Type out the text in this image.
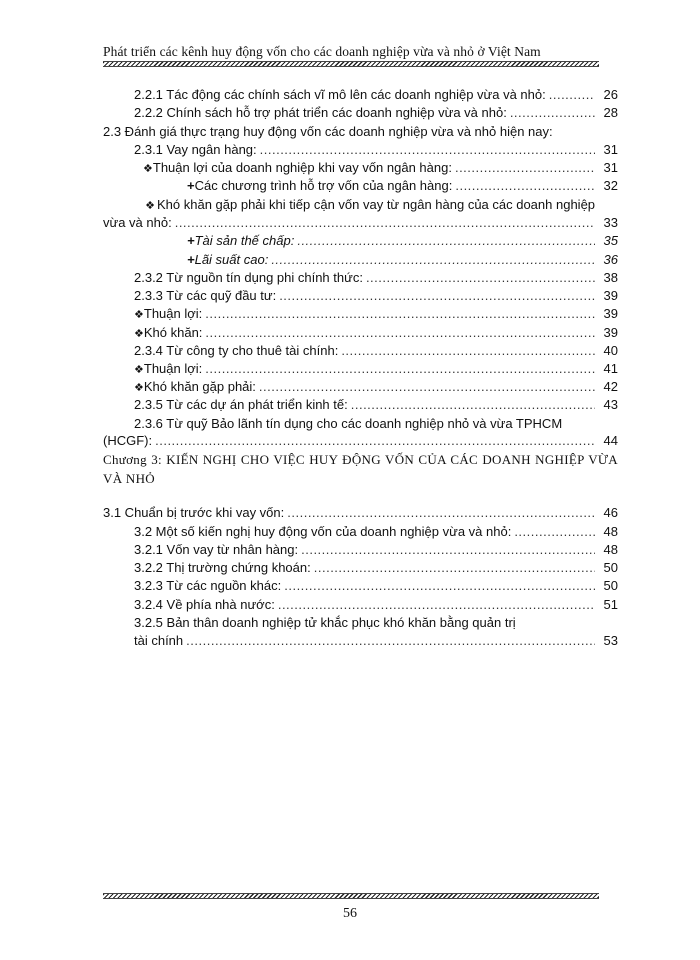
Phát triển các kênh huy động vốn cho các doanh nghiệp vừa và nhỏ ở Việt Nam
2.2.1 Tác động các chính sách vĩ mô lên các doanh nghiệp vừa và nhỏ: .....	26
2.2.2 Chính sách hỗ trợ phát triển các doanh nghiệp vừa và nhỏ: .....	28
2.3 Đánh giá thực trạng huy động vốn các doanh nghiệp vừa và nhỏ hiện nay:
2.3.1 Vay ngân hàng: .....	31
❖ Thuận lợi của doanh nghiệp khi vay vốn ngân hàng: .....	31
+ Các chương trình hỗ trợ vốn của ngân hàng: .....	32
❖ Khó khăn gặp phải khi tiếp cận vốn vay từ ngân hàng của các doanh nghiệp
vừa và nhỏ: .....	33
+ Tài sản thế chấp: .....	35
+ Lãi suất cao: .....	36
2.3.2 Từ nguồn tín dụng phi chính thức: .....	38
2.3.3 Từ các quỹ đầu tư: .....	39
❖ Thuận lợi: .....	39
❖ Khó khăn: .....	39
2.3.4 Từ công ty cho thuê tài chính: .....	40
❖ Thuận lợi: .....	41
❖ Khó khăn gặp phải: .....	42
2.3.5 Từ các dự án phát triển kinh tế: .....	43
2.3.6 Từ quỹ Bảo lãnh tín dụng cho các doanh nghiệp nhỏ và vừa TPHCM
(HCGF): .....	44
Chương 3: KIẾN NGHỊ CHO VIỆC HUY ĐỘNG VỐN CỦA CÁC DOANH NGHIỆP VỪA VÀ NHỎ
3.1 Chuẩn bị trước khi vay vốn: .....	46
3.2 Một số kiến nghị huy động vốn của doanh nghiệp vừa và nhỏ: .....	48
3.2.1 Vốn vay từ nhân hàng: .....	48
3.2.2 Thị trường chứng khoán: .....	50
3.2.3 Từ các nguồn khác: .....	50
3.2.4 Về phía nhà nước: .....	51
3.2.5 Bản thân doanh nghiệp tử khắc phục khó khăn bằng quản trị
tài chính .....	53
56
